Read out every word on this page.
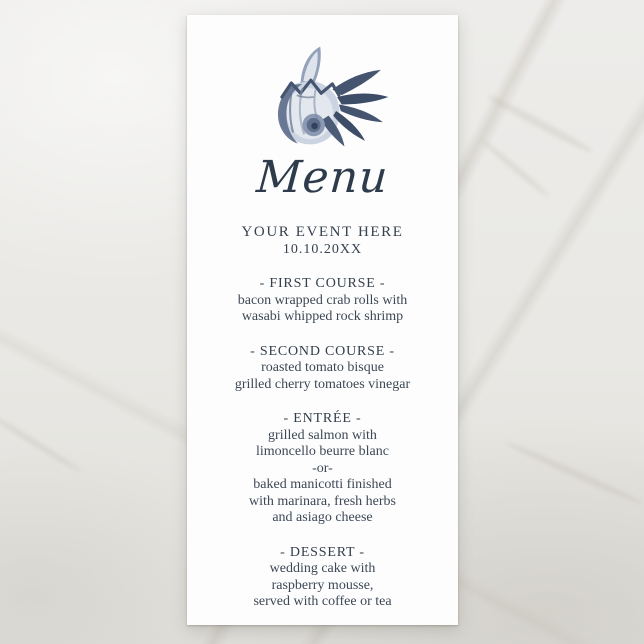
Menu
YOUR EVENT HERE
10.10.20XX
- FIRST COURSE -
bacon wrapped crab rolls with
wasabi whipped rock shrimp
- SECOND COURSE -
roasted tomato bisque
grilled cherry tomatoes vinegar
- ENTRÉE -
grilled salmon with
limoncello beurre blanc
-or-
baked manicotti finished
with marinara, fresh herbs
and asiago cheese
- DESSERT -
wedding cake with
raspberry mousse,
served with coffee or tea
